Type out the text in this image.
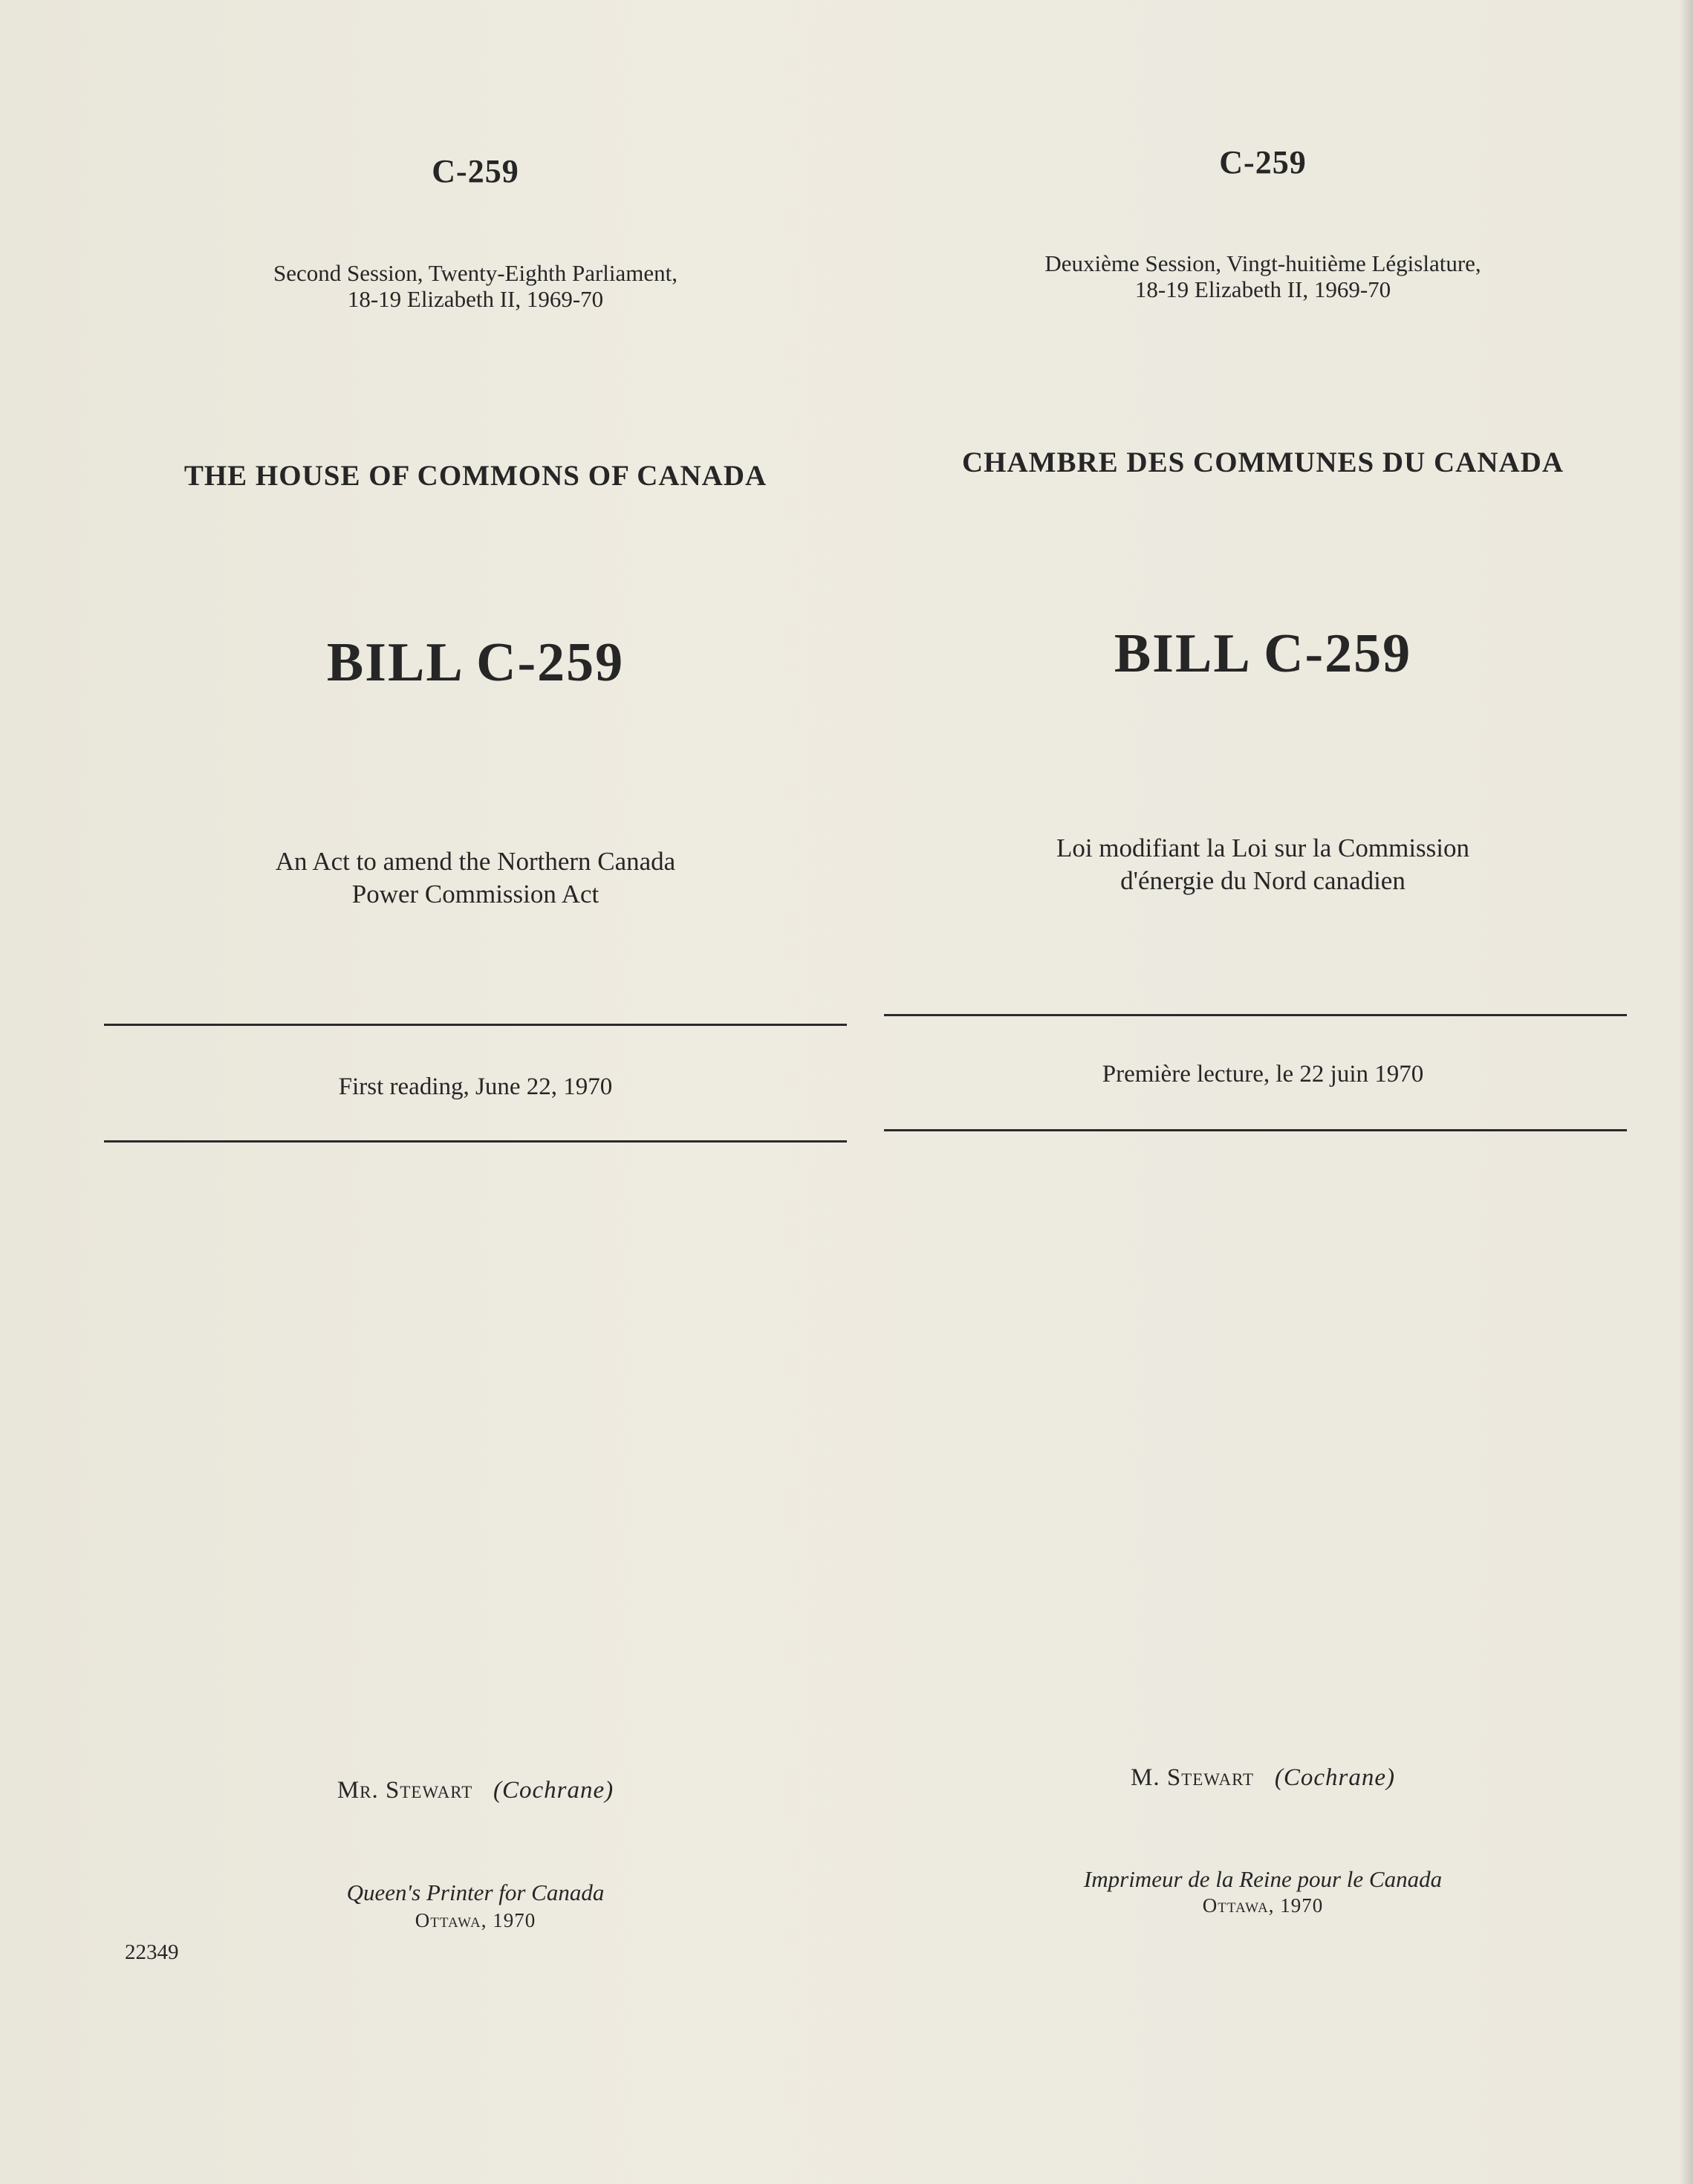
C-259
Second Session, Twenty-Eighth Parliament,
18-19 Elizabeth II, 1969-70
THE HOUSE OF COMMONS OF CANADA
BILL C-259
An Act to amend the Northern Canada
Power Commission Act
First reading, June 22, 1970
Mr. Stewart (Cochrane)
Queen's Printer for Canada
Ottawa, 1970
C-259
Deuxième Session, Vingt-huitième Législature,
18-19 Elizabeth II, 1969-70
CHAMBRE DES COMMUNES DU CANADA
BILL C-259
Loi modifiant la Loi sur la Commission
d'énergie du Nord canadien
Première lecture, le 22 juin 1970
M. Stewart (Cochrane)
Imprimeur de la Reine pour le Canada
Ottawa, 1970
22349
